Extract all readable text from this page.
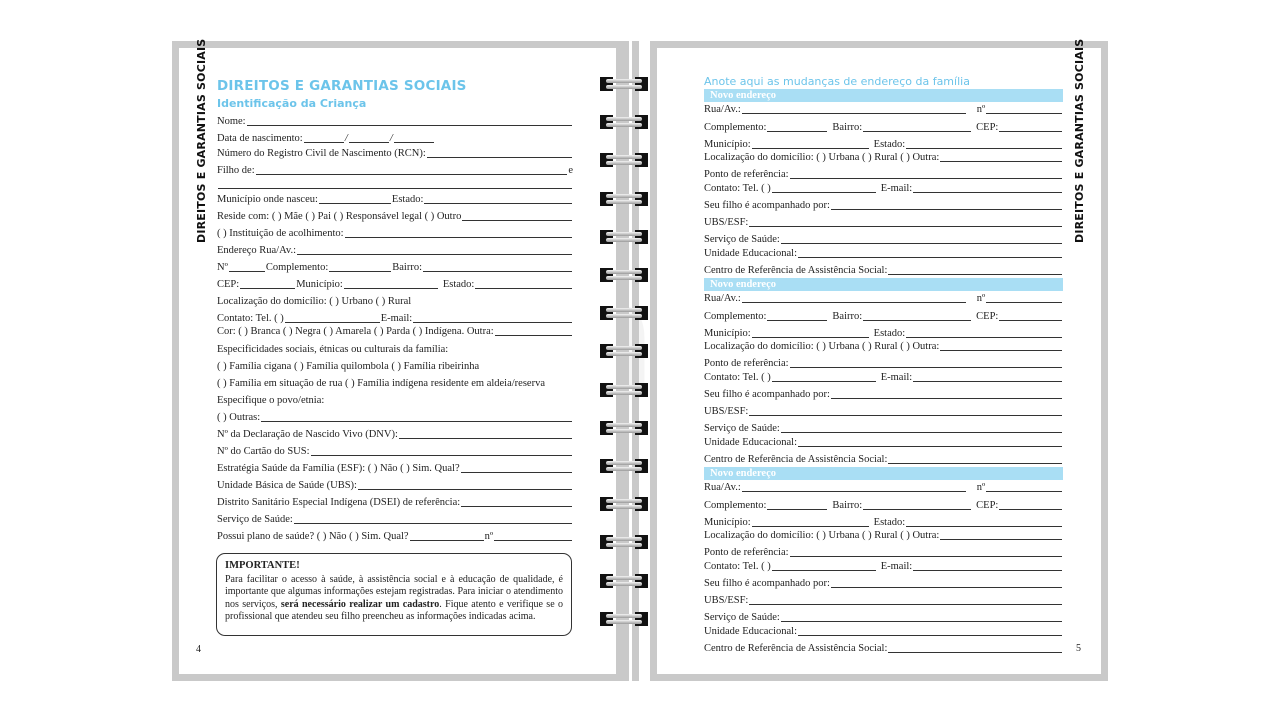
DIREITOS E GARANTIAS SOCIAIS DIREITOS E GARANTIAS SOCIAIS
Identificação da Criança
Nome:
Data de nascimento:	/	/
Número do Registro Civil de Nascimento (RCN):
Filho de:	e
Município onde nasceu:	Estado:
Reside com: ( ) Mãe ( ) Pai ( ) Responsável legal ( ) Outro
( ) Instituição de acolhimento:
Endereço Rua/Av.:
Nº	Complemento:	Bairro:
CEP:	Município:	Estado:
Localização do domicílio: ( ) Urbano ( ) Rural
Contato: Tel. ( )	E-mail:
Cor: ( ) Branca ( ) Negra ( ) Amarela ( ) Parda ( ) Indígena. Outra:
Especificidades sociais, étnicas ou culturais da família:
( ) Família cigana ( ) Família quilombola ( ) Família ribeirinha
( ) Família em situação de rua ( ) Família indígena residente em aldeia/reserva
Especifique o povo/etnia:
( ) Outras:
Nº da Declaração de Nascido Vivo (DNV):
Nº do Cartão do SUS:
Estratégia Saúde da Família (ESF): ( ) Não ( ) Sim. Qual?
Unidade Básica de Saúde (UBS):
Distrito Sanitário Especial Indígena (DSEI) de referência:
Serviço de Saúde:
Possui plano de saúde? ( ) Não ( ) Sim. Qual?	nº
IMPORTANTE!
Para facilitar o acesso à saúde, à assistência social e à educação de qualidade, é importante que algumas informações estejam registradas. Para iniciar o atendimento nos serviços, será necessário realizar um cadastro. Fique atento e verifique se o profissional que atendeu seu filho preencheu as informações indicadas acima.
4
DIREITOS E GARANTIAS SOCIAIS
Anote aqui as mudanças de endereço da família
Novo endereço
Rua/Av.:	nº
Complemento:	Bairro:	CEP:
Município:	Estado:
Localização do domicílio: ( ) Urbana ( ) Rural ( ) Outra:
Ponto de referência:
Contato: Tel. ( )	E-mail:
Seu filho é acompanhado por:
UBS/ESF:
Serviço de Saúde:
Unidade Educacional:
Centro de Referência de Assistência Social:
Novo endereço
Rua/Av.:	nº
Complemento:	Bairro:	CEP:
Município:	Estado:
Localização do domicílio: ( ) Urbana ( ) Rural ( ) Outra:
Ponto de referência:
Contato: Tel. ( )	E-mail:
Seu filho é acompanhado por:
UBS/ESF:
Serviço de Saúde:
Unidade Educacional:
Centro de Referência de Assistência Social:
Novo endereço
Rua/Av.:	nº
Complemento:	Bairro:	CEP:
Município:	Estado:
Localização do domicílio: ( ) Urbana ( ) Rural ( ) Outra:
Ponto de referência:
Contato: Tel. ( )	E-mail:
Seu filho é acompanhado por:
UBS/ESF:
Serviço de Saúde:
Unidade Educacional:
Centro de Referência de Assistência Social:	5
